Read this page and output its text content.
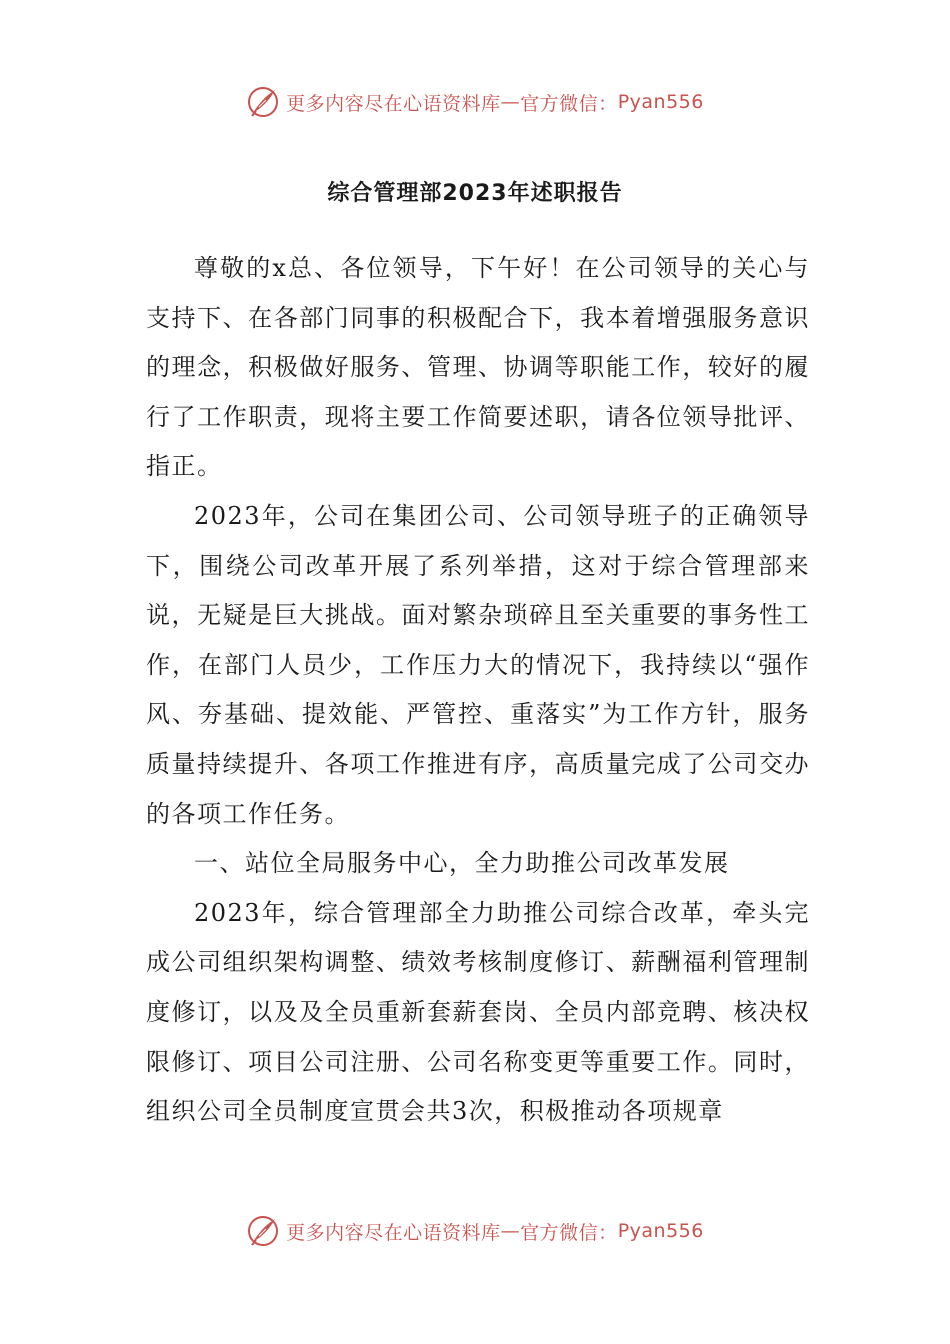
更多内容尽在心语资料库 — 官方微信： Pyan556
综合管理部2023年述职报告

尊敬的x总、各位领导，下午好！在公司领导的关心与支持下、在各部门同事的积极配合下，我本着增强服务意识的理念，积极做好服务、管理、协调等职能工作，较好的履行了工作职责，现将主要工作简要述职，请各位领导批评、指正。

2023年，公司在集团公司、公司领导班子的正确领导下，围绕公司改革开展了系列举措，这对于综合管理部来说，无疑是巨大挑战。面对繁杂琐碎且至关重要的事务性工作，在部门人员少，工作压力大的情况下，我持续以“强作风、夯基础、提效能、严管控、重落实”为工作方针，服务质量持续提升、各项工作推进有序，高质量完成了公司交办的各项工作任务。

一、站位全局服务中心，全力助推公司改革发展

2023年，综合管理部全力助推公司综合改革，牵头完成公司组织架构调整、绩效考核制度修订、薪酬福利管理制度修订，以及及全员重新套薪套岗、全员内部竞聘、核决权限修订、项目公司注册、公司名称变更等重要工作。同时，组织公司全员制度宣贯会共3次，积极推动各项规章

更多内容尽在心语资料库 — 官方微信： Pyan556
